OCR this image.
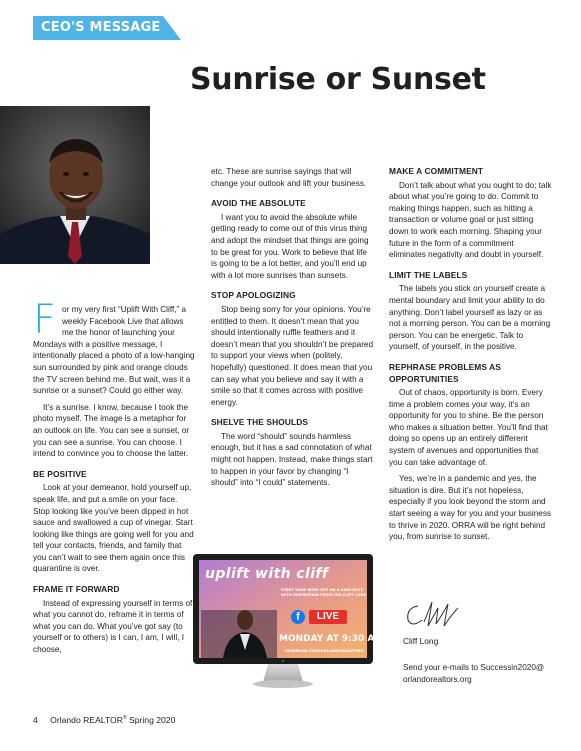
CEO'S MESSAGE
Sunrise or Sunset

For my very first “Uplift With Cliff,” a weekly Facebook Live that allows me the honor of launching your Mondays with a positive message, I intentionally placed a photo of a low-hanging sun surrounded by pink and orange clouds the TV screen behind me. But wait, was it a sunrise or a sunset? Could go either way.

It’s a sunrise. I know, because I took the photo myself. The image is a metaphor for an outlook on life. You can see a sunset, or you can see a sunrise. You can choose. I intend to convince you to choose the latter.

BE POSITIVE

Look at your demeanor, hold yourself up, speak life, and put a smile on your face. Stop looking like you’ve been dipped in hot sauce and swallowed a cup of vinegar. Start looking like things are going well for you and tell your contacts, friends, and family that you can’t wait to see them again once this quarantine is over.

FRAME IT FORWARD

Instead of expressing yourself in terms of what you cannot do, reframe it in terms of what you can do. What you’ve got say (to yourself or to others) is I can, I am, I will, I choose,

etc. These are sunrise sayings that will change your outlook and lift your business.

AVOID THE ABSOLUTE

I want you to avoid the absolute while getting ready to come out of this virus thing and adopt the mindset that things are going to be great for you. Work to believe that life is going to be a lot better, and you’ll end up with a lot more sunrises than sunsets.

STOP APOLOGIZING

Stop being sorry for your opinions. You’re entitled to them. It doesn’t mean that you should intentionally ruffle feathers and it doesn’t mean that you shouldn’t be prepared to support your views when (politely, hopefully) questioned. It does mean that you can say what you believe and say it with a smile so that it comes across with positive energy.

SHELVE THE SHOULDS

The word “should” sounds harmless enough, but it has a sad connotation of what might not happen. Instead, make things start to happen in your favor by changing “I should” into “I could” statements.

MAKE A COMMITMENT

Don’t talk about what you ought to do; talk about what you’re going to do. Commit to making things happen, such as hitting a transaction or volume goal or just sitting down to work each morning. Shaping your future in the form of a commitment eliminates negativity and doubt in yourself.

LIMIT THE LABELS

The labels you stick on yourself create a mental boundary and limit your ability to do anything. Don’t label yourself as lazy or as not a morning person. You can be a morning person. You can be energetic. Talk to yourself, of yourself, in the positive.

REPHRASE PROBLEMS AS OPPORTUNITIES

Out of chaos, opportunity is born. Every time a problem comes your way, it’s an opportunity for you to shine. Be the person who makes a situation better. You’ll find that doing so opens up an entirely different system of avenues and opportunities that you can take advantage of.

Yes, we’re in a pandemic and yes, the situation is dire. But it’s not hopeless, especially if you look beyond the storm and start seeing a way for you and your business to thrive in 2020. ORRA will be right behind you, from sunrise to sunset.

uplift with cliff
START YOUR WEEK OFF ON A HIGH NOTE
WITH INSPIRATION FROM CEO CLIFF LONG
f	LIVE
MONDAY AT 9:30 AM
FACEBOOK.COM/ORLANDOREALTORS
Cliff Long
Send your e-mails to Successin2020@ orlandorealtors.org
4 Orlando REALTOR® Spring 2020
